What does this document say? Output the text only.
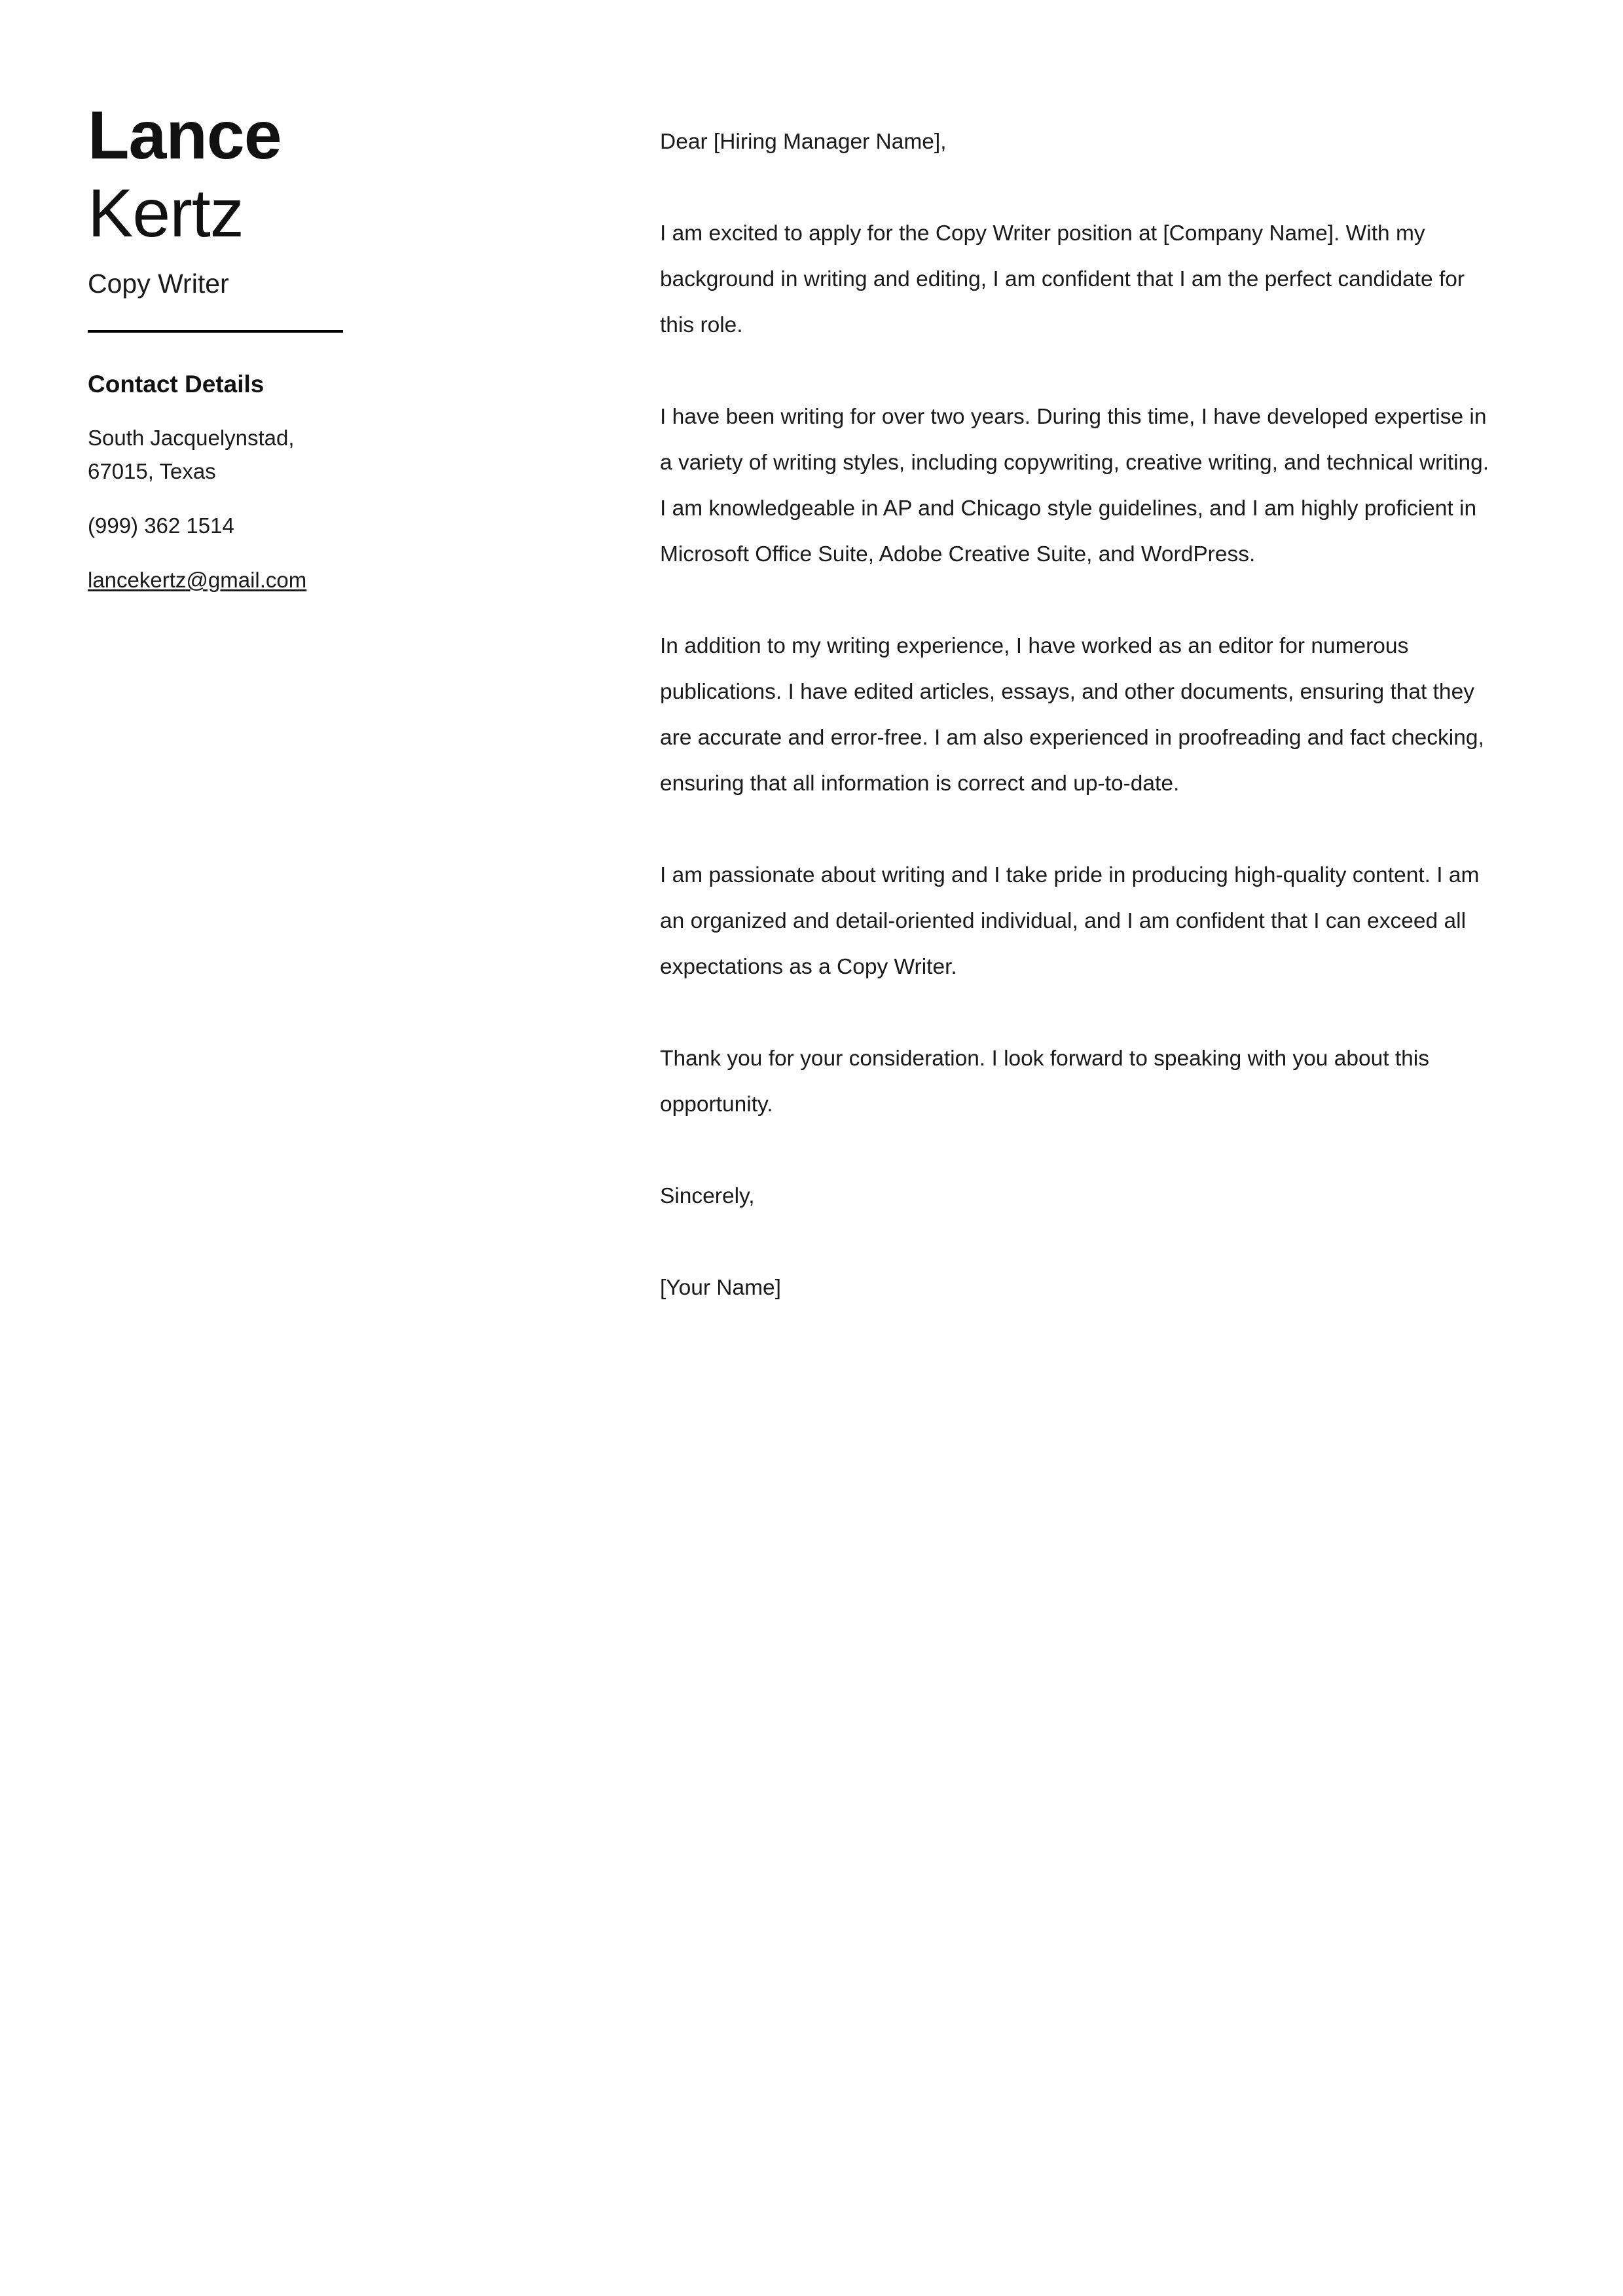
Lance
Kertz
Copy Writer
Contact Details
South Jacquelynstad, 67015, Texas
(999) 362 1514
lancekertz@gmail.com

Dear [Hiring Manager Name],

I am excited to apply for the Copy Writer position at [Company Name]. With my background in writing and editing, I am confident that I am the perfect candidate for this role.

I have been writing for over two years. During this time, I have developed expertise in a variety of writing styles, including copywriting, creative writing, and technical writing. I am knowledgeable in AP and Chicago style guidelines, and I am highly proficient in Microsoft Office Suite, Adobe Creative Suite, and WordPress.

In addition to my writing experience, I have worked as an editor for numerous publications. I have edited articles, essays, and other documents, ensuring that they are accurate and error-free. I am also experienced in proofreading and fact checking, ensuring that all information is correct and up-to-date.

I am passionate about writing and I take pride in producing high-quality content. I am an organized and detail-oriented individual, and I am confident that I can exceed all expectations as a Copy Writer.

Thank you for your consideration. I look forward to speaking with you about this opportunity.

Sincerely,

[Your Name]
